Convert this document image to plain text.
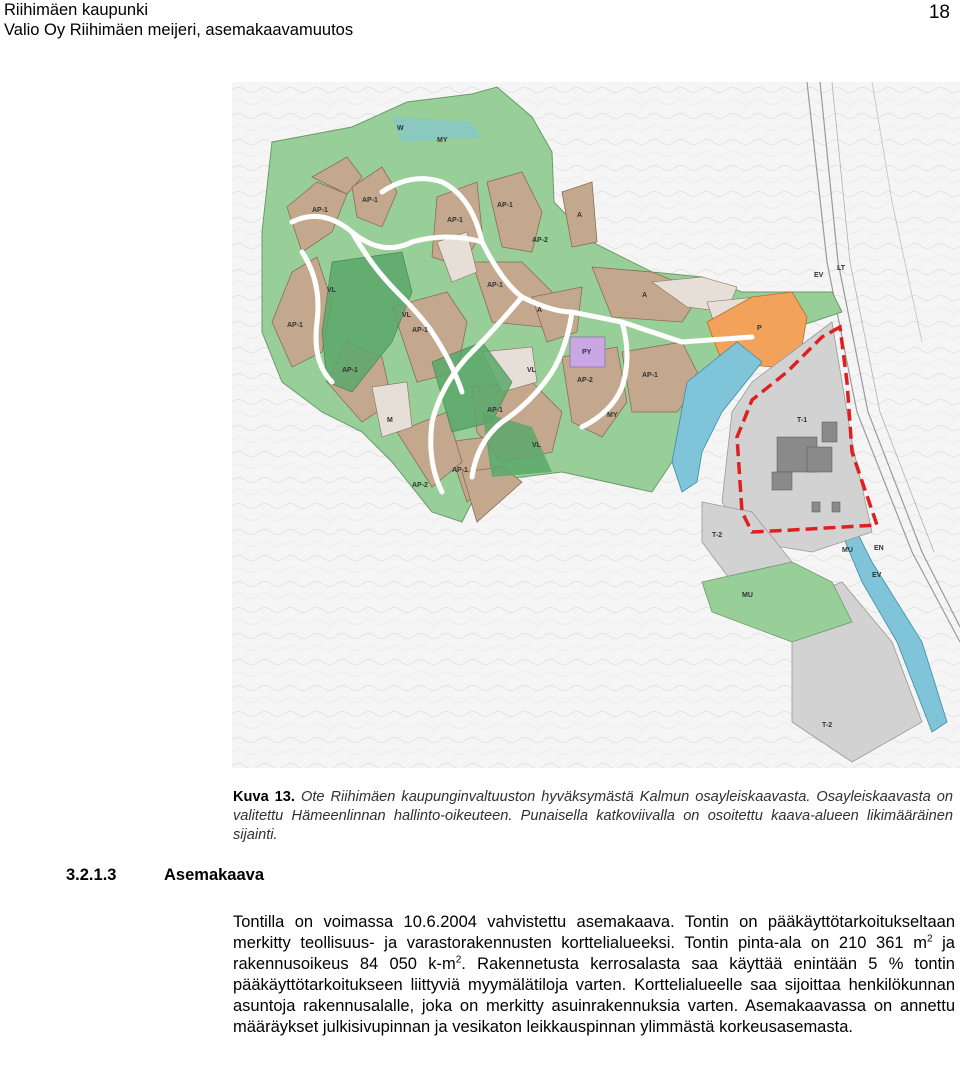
Riihimäen kaupunki
Valio Oy Riihimäen meijeri, asemakaavamuutos
18
AP-1
AP-1
AP-1
AP-1
AP-1
AP-1
AP-1
AP-1
AP-1
AP-1
AP-1
AP-2
AP-2
AP-2
A
A
A
VL
VL
VL
VL
MY
MY
M
PY
P
T-1
T-2
T-2
MU
MU
EV
EV
LT
W
EN
Kuva 13. Ote Riihimäen kaupunginvaltuuston hyväksymästä Kalmun osayleiskaavasta. Osayleiskaavasta on valitettu Hämeenlinnan hallinto-oikeuteen. Punaisella katkoviivalla on osoitettu kaava-alueen likimääräinen sijainti.
3.2.1.3	Asemakaava
Tontilla on voimassa 10.6.2004 vahvistettu asemakaava. Tontin on pääkäyttötarkoitukseltaan merkitty teollisuus- ja varastorakennusten korttelialueeksi. Tontin pinta-ala on 210 361 $m^2$ ja rakennusoikeus 84 050 $k-m^2$. Rakennetusta kerrosalasta saa käyttää enintään 5 % tontin pääkäyttötarkoitukseen liittyviä myymälätiloja varten. Korttelialueelle saa sijoittaa henkilökunnan asuntoja rakennusalalle, joka on merkitty asuinrakennuksia varten. Asemakaavassa on annettu määräykset julkisivupinnan ja vesikaton leikkauspinnan ylimmästä korkeusasemasta.
